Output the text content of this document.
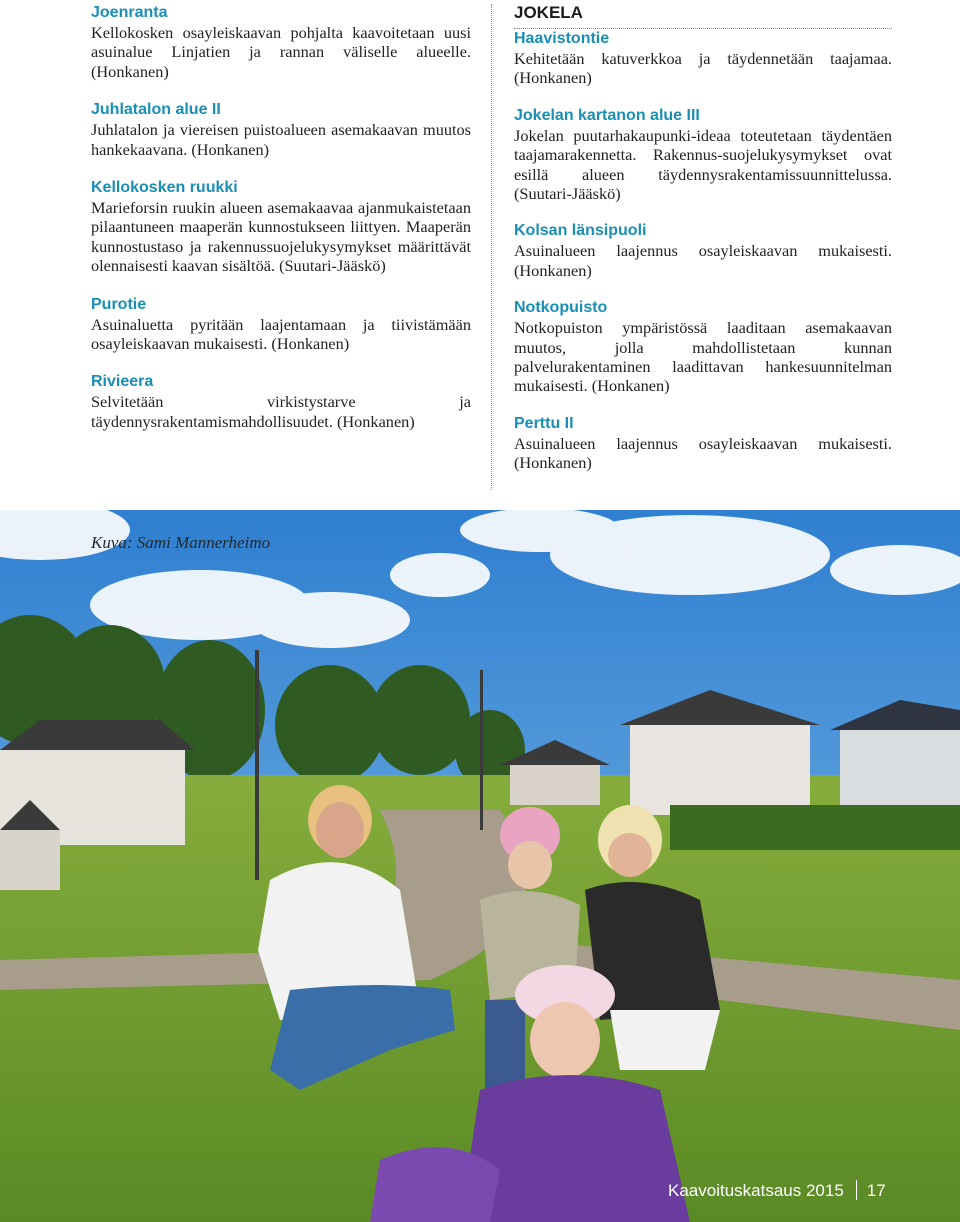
Joenranta

Kellokosken osayleiskaavan pohjalta kaavoitetaan uusi asuinalue Linjatien ja rannan väliselle alueelle. (Honkanen)

Juhlatalon alue II

Juhlatalon ja viereisen puistoalueen asemakaavan muutos hankekaavana. (Honkanen)

Kellokosken ruukki

Marieforsin ruukin alueen asemakaavaa ajanmukaistetaan pilaantuneen maaperän kunnostukseen liittyen. Maaperän kunnostustaso ja rakennussuojelukysymykset määrittävät olennaisesti kaavan sisältöä. (Suutari-Jääskö)

Purotie

Asuinaluetta pyritään laajentamaan ja tiivistämään osayleiskaavan mukaisesti. (Honkanen)

Rivieera

Selvitetään virkistystarve ja täydennysrakentamismahdollisuudet. (Honkanen)

JOKELA

Haavistontie

Kehitetään katuverkkoa ja täydennetään taajamaa. (Honkanen)

Jokelan kartanon alue III

Jokelan puutarhakaupunki-ideaa toteutetaan täydentäen taajamarakennetta. Rakennus-suojelukysymykset ovat esillä alueen täydennysrakentamissuunnittelussa. (Suutari-Jääskö)

Kolsan länsipuoli

Asuinalueen laajennus osayleiskaavan mukaisesti. (Honkanen)

Notkopuisto

Notkopuiston ympäristössä laaditaan asemakaavan muutos, jolla mahdollistetaan kunnan palvelurakentaminen laadittavan hankesuunnitelman mukaisesti. (Honkanen)

Perttu II

Asuinalueen laajennus osayleiskaavan mukaisesti. (Honkanen)

Kuva: Sami Mannerheimo
Kaavoituskatsaus 2015 17
